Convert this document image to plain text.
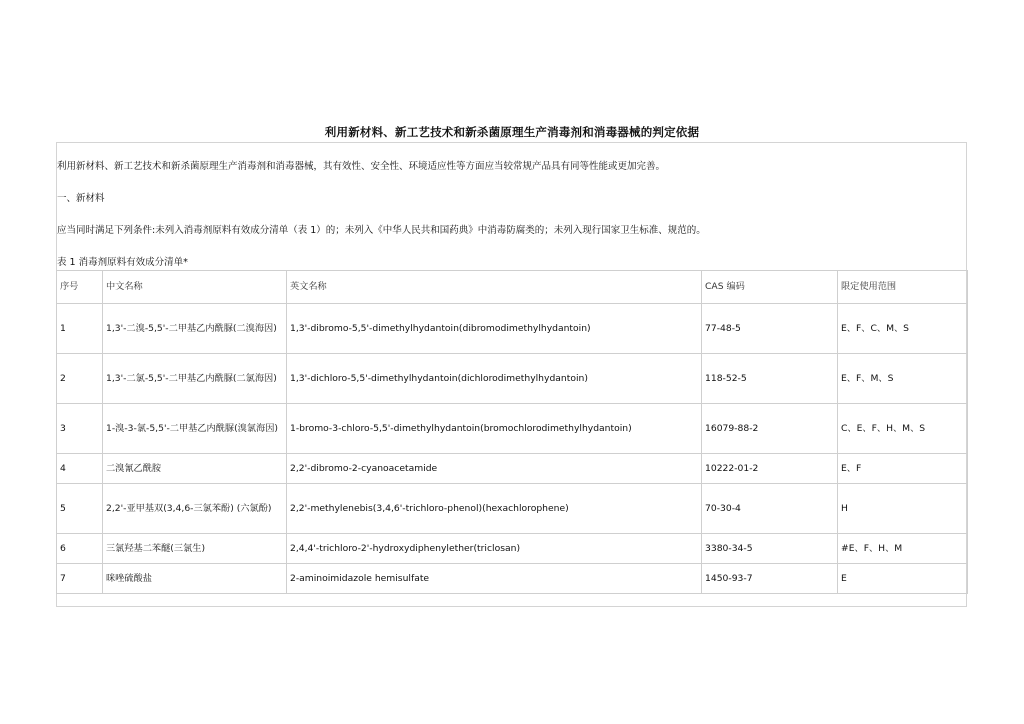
利用新材料、新工艺技术和新杀菌原理生产消毒剂和消毒器械的判定依据
利用新材料、新工艺技术和新杀菌原理生产消毒剂和消毒器械，其有效性、安全性、环境适应性等方面应当较常规产品具有同等性能或更加完善。
一、新材料
应当同时满足下列条件:未列入消毒剂原料有效成分清单（表 1）的；未列入《中华人民共和国药典》中消毒防腐类的；未列入现行国家卫生标准、规范的。
表 1 消毒剂原料有效成分清单*
序号	中文名称	英文名称	CAS 编码	限定使用范围
1	1,3'-二溴-5,5'-二甲基乙内酰脲(二溴海因)	1,3'-dibromo-5,5'-dimethylhydantoin(dibromodimethylhydantoin)	77-48-5	E、F、C、M、S
2	1,3'-二氯-5,5'-二甲基乙内酰脲(二氯海因)	1,3'-dichloro-5,5'-dimethylhydantoin(dichlorodimethylhydantoin)	118-52-5	E、F、M、S
3	1-溴-3-氯-5,5'-二甲基乙内酰脲(溴氯海因)	1-bromo-3-chloro-5,5'-dimethylhydantoin(bromochlorodimethylhydantoin)	16079-88-2	C、E、F、H、M、S
4	二溴氰乙酰胺	2,2'-dibromo-2-cyanoacetamide	10222-01-2	E、F
5	2,2'-亚甲基双(3,4,6-三氯苯酚) (六氯酚)	2,2'-methylenebis(3,4,6'-trichloro-phenol)(hexachlorophene)	70-30-4	H
6	三氯羟基二苯醚(三氯生)	2,4,4'-trichloro-2'-hydroxydiphenylether(triclosan)	3380-34-5	#E、F、H、M
7	咪唑硫酸盐	2-aminoimidazole hemisulfate	1450-93-7	E
